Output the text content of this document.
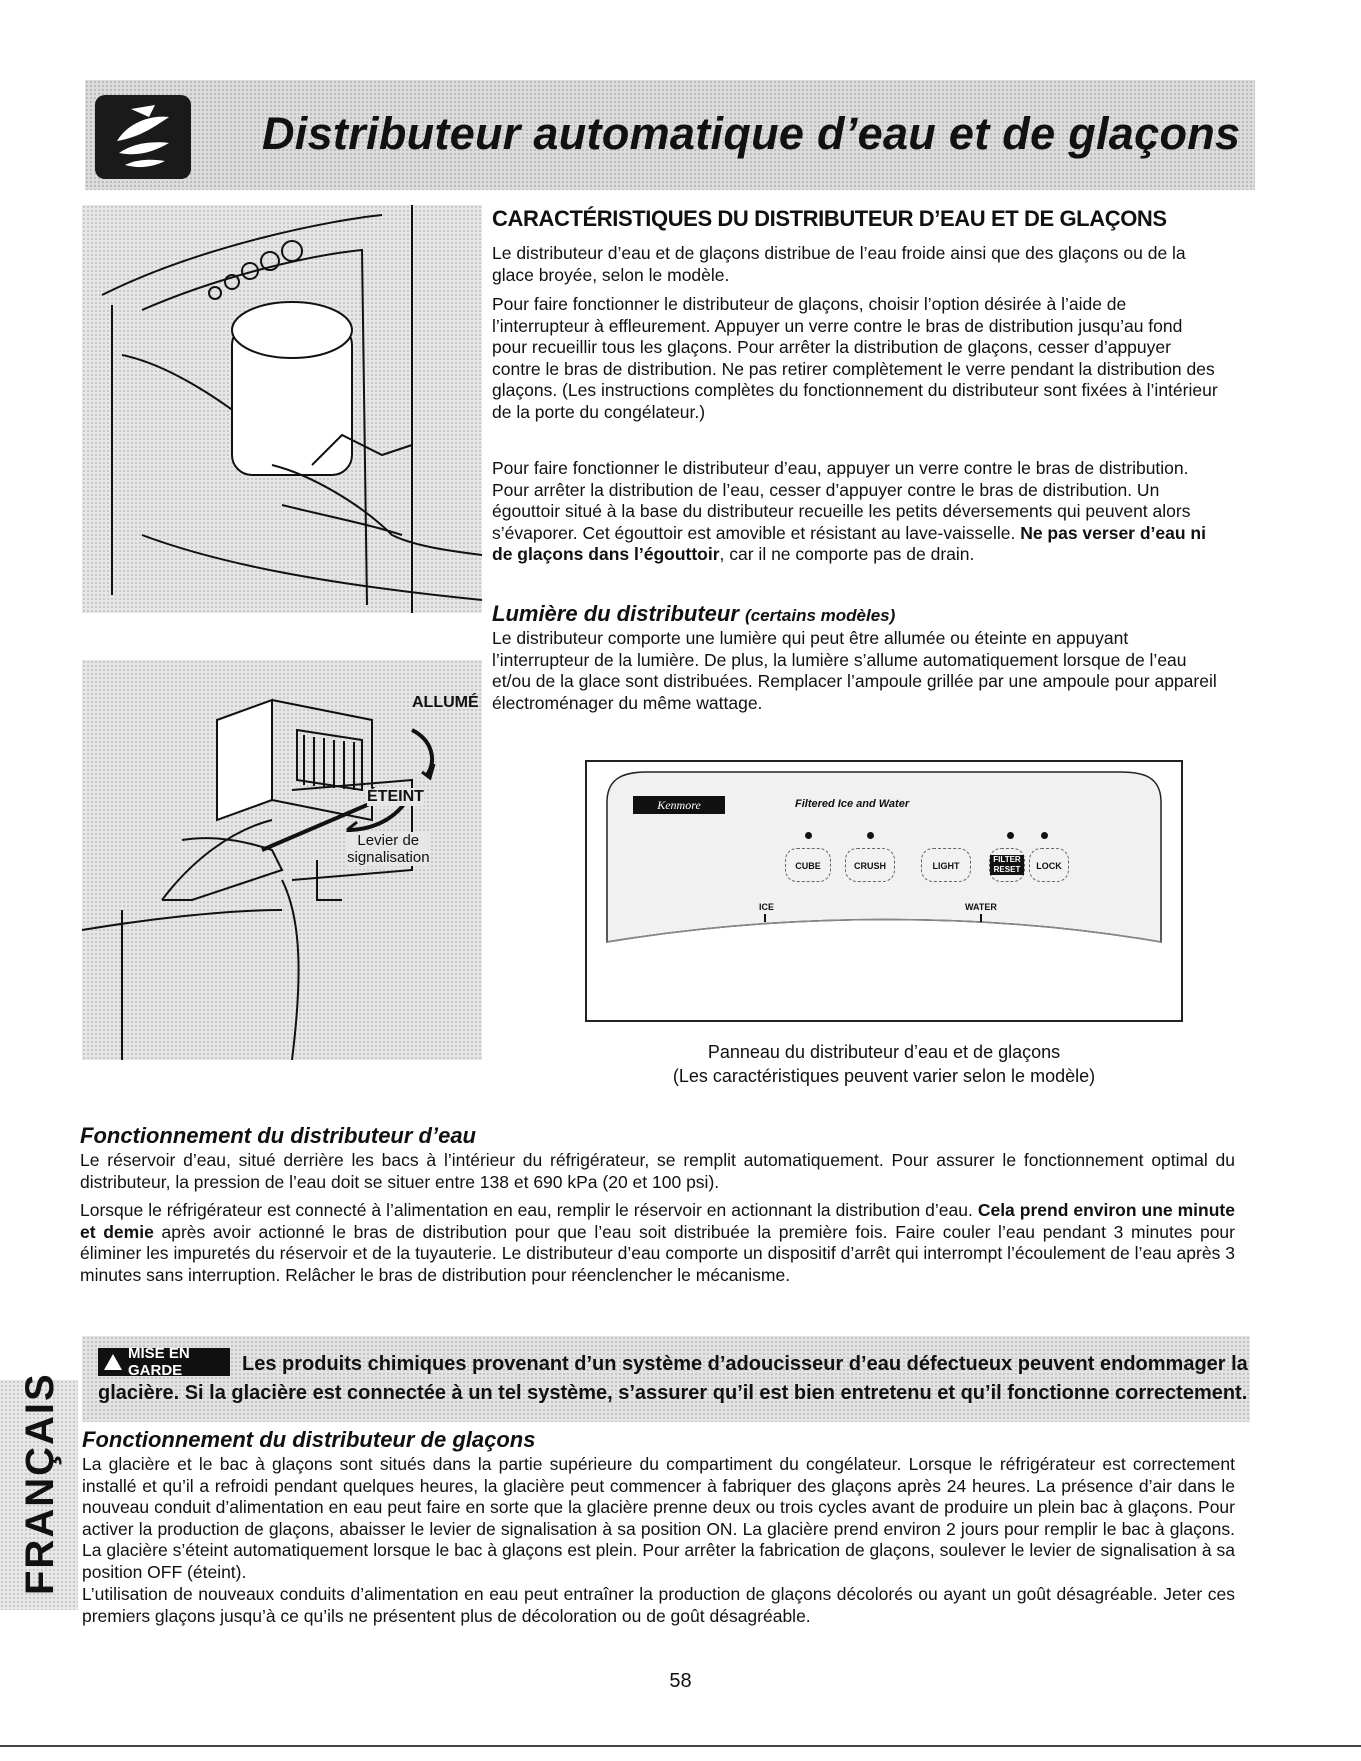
Distributeur automatique d’eau et de glaçons
ALLUMÉ
ÉTEINT
Levier de
signalisation
CARACTÉRISTIQUES DU DISTRIBUTEUR D’EAU ET DE GLAÇONS
Le distributeur d’eau et de glaçons distribue de l’eau froide ainsi que des glaçons ou de la glace broyée, selon le modèle.
Pour faire fonctionner le distributeur de glaçons, choisir l’option désirée à l’aide de l’interrupteur à effleurement. Appuyer un verre contre le bras de distribution jusqu’au fond pour recueillir tous les glaçons. Pour arrêter la distribution de glaçons, cesser d’appuyer contre le bras de distribution. Ne pas retirer complètement le verre pendant la distribution des glaçons. (Les instructions complètes du fonctionnement du distributeur sont fixées à l’intérieur de la porte du congélateur.)
Pour faire fonctionner le distributeur d’eau, appuyer un verre contre le bras de distribution. Pour arrêter la distribution de l’eau, cesser d’appuyer contre le bras de distribution. Un égouttoir situé à la base du distributeur recueille les petits déversements qui peuvent alors s’évaporer. Cet égouttoir est amovible et résistant au lave-vaisselle. Ne pas verser d’eau ni de glaçons dans l’égouttoir, car il ne comporte pas de drain.
Lumière du distributeur (certains modèles)
Le distributeur comporte une lumière qui peut être allumée ou éteinte en appuyant l’interrupteur de la lumière. De plus, la lumière s’allume automatiquement lorsque de l’eau et/ou de la glace sont distribuées. Remplacer l’ampoule grillée par une ampoule pour appareil électroménager du même wattage.
Kenmore	Filtered Ice and Water
CUBE	CRUSH	LIGHT
FILTER
RESET	LOCK
ICE	WATER
Panneau du distributeur d’eau et de glaçons
(Les caractéristiques peuvent varier selon le modèle)
Fonctionnement du distributeur d’eau
Le réservoir d’eau, situé derrière les bacs à l’intérieur du réfrigérateur, se remplit automatiquement. Pour assurer le fonctionnement optimal du distributeur, la pression de l’eau doit se situer entre 138 et 690 kPa (20 et 100 psi).
Lorsque le réfrigérateur est connecté à l’alimentation en eau, remplir le réservoir en actionnant la distribution d’eau. Cela prend environ une minute et demie après avoir actionné le bras de distribution pour que l’eau soit distribuée la première fois. Faire couler l’eau pendant 3 minutes pour éliminer les impuretés du réservoir et de la tuyauterie. Le distributeur d’eau comporte un dispositif d’arrêt qui interrompt l’écoulement de l’eau après 3 minutes sans interruption. Relâcher le bras de distribution pour réenclencher le mécanisme.
Les produits chimiques provenant d’un système d’adoucisseur d’eau défectueux peuvent endommager la glacière. Si la glacière est connectée à un tel système, s’assurer qu’il est bien entretenu et qu’il fonctionne correctement.
MISE EN GARDE
FRANÇAIS Fonctionnement du distributeur de glaçons
La glacière et le bac à glaçons sont situés dans la partie supérieure du compartiment du congélateur. Lorsque le réfrigérateur est correctement installé et qu’il a refroidi pendant quelques heures, la glacière peut commencer à fabriquer des glaçons après 24 heures. La présence d’air dans le nouveau conduit d’alimentation en eau peut faire en sorte que la glacière prenne deux ou trois cycles avant de produire un plein bac à glaçons. Pour activer la production de glaçons, abaisser le levier de signalisation à sa position ON. La glacière prend environ 2 jours pour remplir le bac à glaçons. La glacière s’éteint automatiquement lorsque le bac à glaçons est plein. Pour arrêter la fabrication de glaçons, soulever le levier de signalisation à sa position OFF (éteint).
L’utilisation de nouveaux conduits d’alimentation en eau peut entraîner la production de glaçons décolorés ou ayant un goût désagréable. Jeter ces premiers glaçons jusqu’à ce qu’ils ne présentent plus de décoloration ou de goût désagréable.
58
